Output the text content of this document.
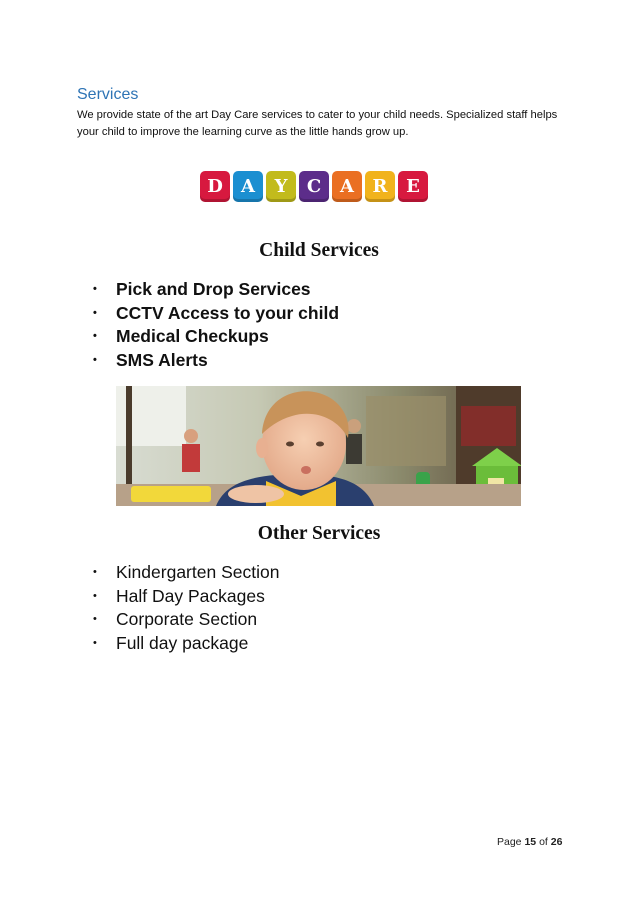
Services
We provide state of the art Day Care services to cater to your child needs. Specialized staff helps your child to improve the learning curve as the little hands grow up.
D A Y C A R E
Child Services
• Pick and Drop Services
• CCTV Access to your child
• Medical Checkups
• SMS Alerts
Other Services
• Kindergarten Section
• Half Day Packages
• Corporate Section
• Full day package
Page 15 of 26
